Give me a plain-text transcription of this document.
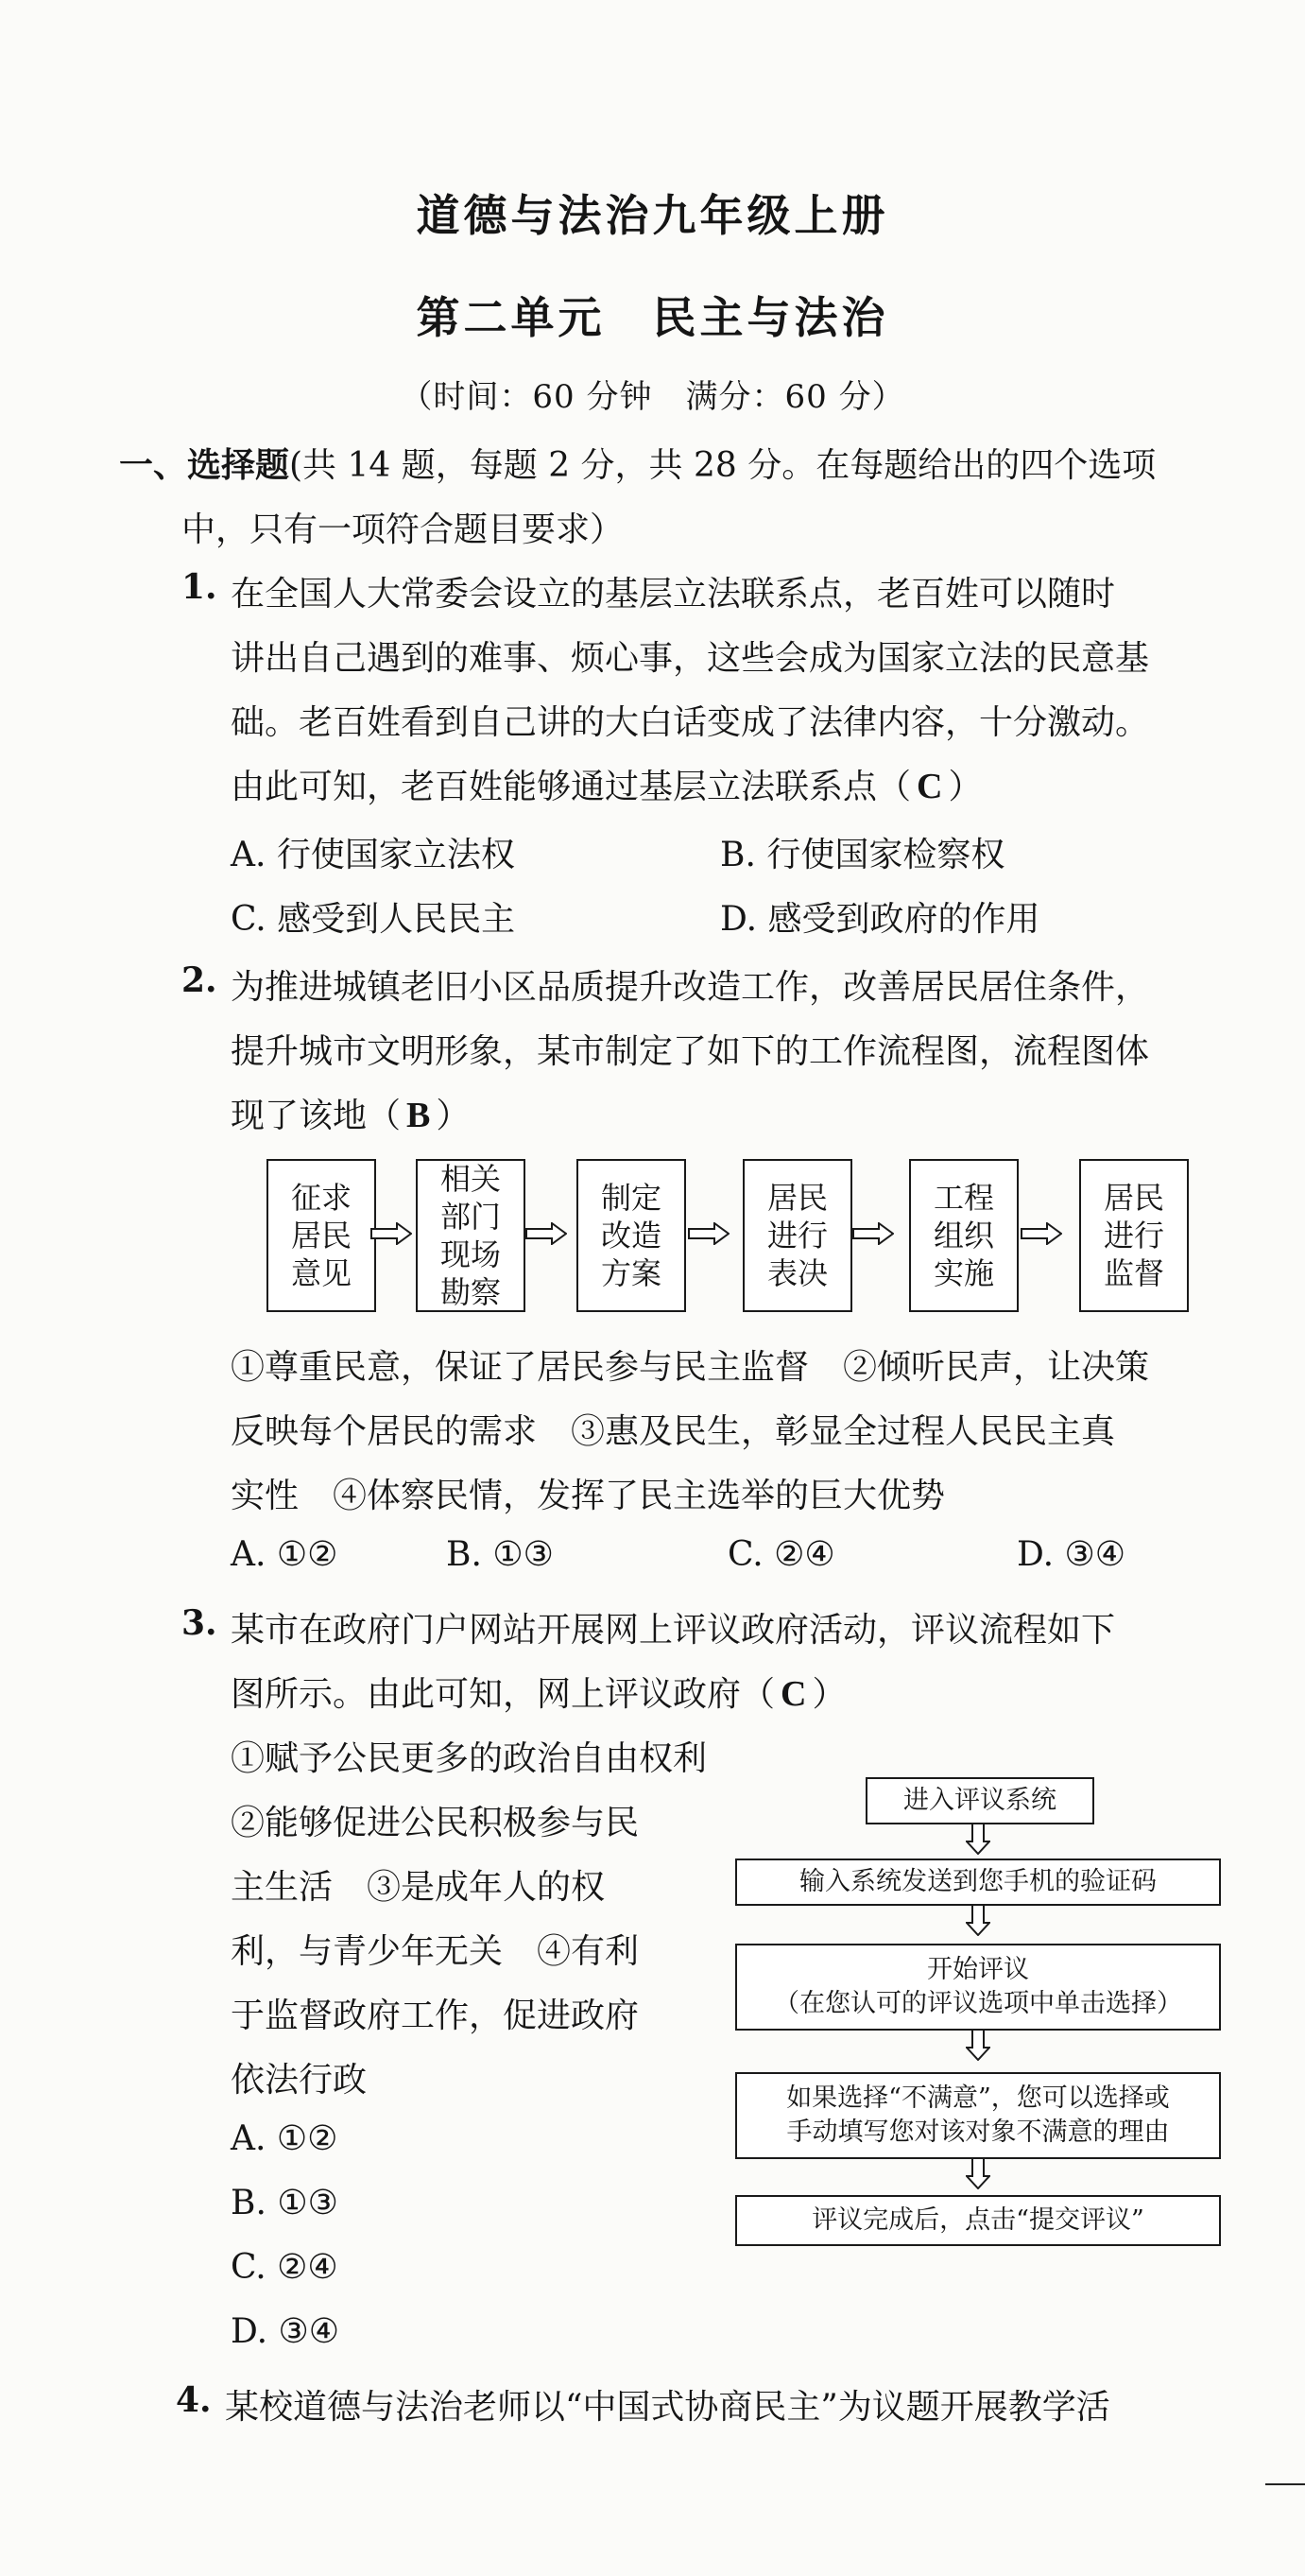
道德与法治九年级上册
第二单元　民主与法治
（时间：60 分钟　满分：60 分）
一、选择题(共 14 题，每题 2 分，共 28 分。在每题给出的四个选项
中，只有一项符合题目要求）
1. 在全国人大常委会设立的基层立法联系点，老百姓可以随时
讲出自己遇到的难事、烦心事，这些会成为国家立法的民意基
础。老百姓看到自己讲的大白话变成了法律内容，十分激动。
由此可知，老百姓能够通过基层立法联系点（ C ）
A. 行使国家立法权	B. 行使国家检察权
C. 感受到人民民主	D. 感受到政府的作用
2. 为推进城镇老旧小区品质提升改造工作，改善居民居住条件，
提升城市文明形象，某市制定了如下的工作流程图，流程图体
现了该地（ B ）
征求
居民
意见
相关
部门
现场
勘察
制定
改造
方案
居民
进行
表决
工程
组织
实施
居民
进行
监督
①尊重民意，保证了居民参与民主监督　②倾听民声，让决策
反映每个居民的需求　③惠及民生，彰显全过程人民民主真
实性　④体察民情，发挥了民主选举的巨大优势
A. ①②	B. ①③	C. ②④	D. ③④
3. 某市在政府门户网站开展网上评议政府活动，评议流程如下
图所示。由此可知，网上评议政府（ C ）
①赋予公民更多的政治自由权利
②能够促进公民积极参与民
主生活　③是成年人的权
利，与青少年无关　④有利
于监督政府工作，促进政府
依法行政
A. ①②
B. ①③
C. ②④
D. ③④
进入评议系统
输入系统发送到您手机的验证码
开始评议
（在您认可的评议选项中单击选择）
如果选择“不满意”，您可以选择或
手动填写您对该对象不满意的理由
评议完成后，点击“提交评议”
4. 某校道德与法治老师以“中国式协商民主”为议题开展教学活
